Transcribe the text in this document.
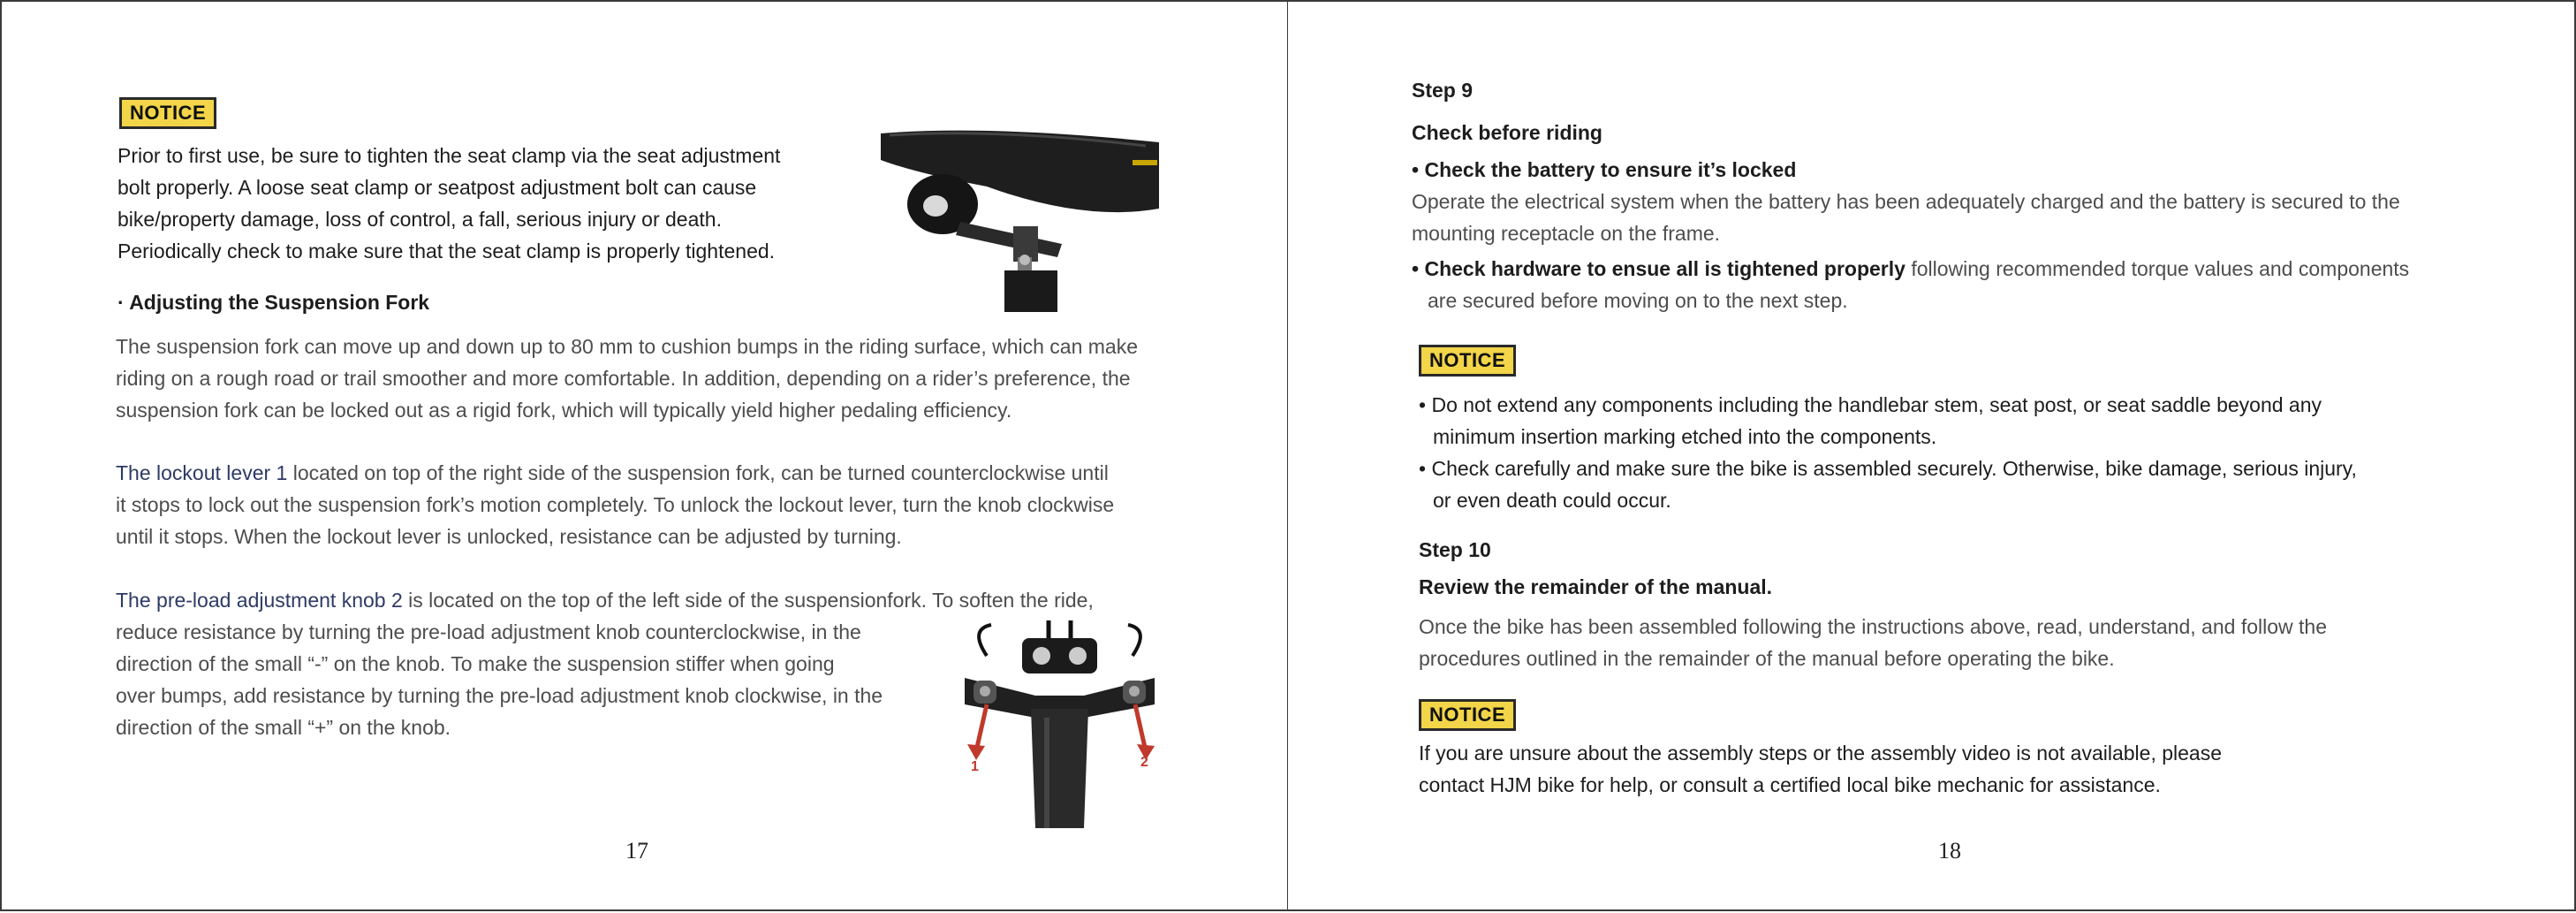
NOTICE
Prior to first use, be sure to tighten the seat clamp via the seat adjustment
bolt properly. A loose seat clamp or seatpost adjustment bolt can cause
bike/property damage, loss of control, a fall, serious injury or death.
Periodically check to make sure that the seat clamp is properly tightened.
· Adjusting the Suspension Fork
The suspension fork can move up and down up to 80 mm to cushion bumps in the riding surface, which can make
riding on a rough road or trail smoother and more comfortable. In addition, depending on a rider’s preference, the
suspension fork can be locked out as a rigid fork, which will typically yield higher pedaling efficiency.
The lockout lever 1 located on top of the right side of the suspension fork, can be turned counterclockwise until
it stops to lock out the suspension fork’s motion completely. To unlock the lockout lever, turn the knob clockwise
until it stops. When the lockout lever is unlocked, resistance can be adjusted by turning.
The pre-load adjustment knob 2 is located on the top of the left side of the suspensionfork. To soften the ride,
reduce resistance by turning the pre-load adjustment knob counterclockwise, in the
direction of the small “-” on the knob. To make the suspension stiffer when going
over bumps, add resistance by turning the pre-load adjustment knob clockwise, in the
direction of the small “+” on the knob.
1	2
17
Step 9
Check before riding
• Check the battery to ensure it’s locked
Operate the electrical system when the battery has been adequately charged and the battery is secured to the
mounting receptacle on the frame.
• Check hardware to ensue all is tightened properly following recommended torque values and components
are secured before moving on to the next step.
NOTICE
• Do not extend any components including the handlebar stem, seat post, or seat saddle beyond any
minimum insertion marking etched into the components.
• Check carefully and make sure the bike is assembled securely. Otherwise, bike damage, serious injury,
or even death could occur.
Step 10
Review the remainder of the manual.
Once the bike has been assembled following the instructions above, read, understand, and follow the
procedures outlined in the remainder of the manual before operating the bike.
NOTICE
If you are unsure about the assembly steps or the assembly video is not available, please
contact HJM bike for help, or consult a certified local bike mechanic for assistance.
18
